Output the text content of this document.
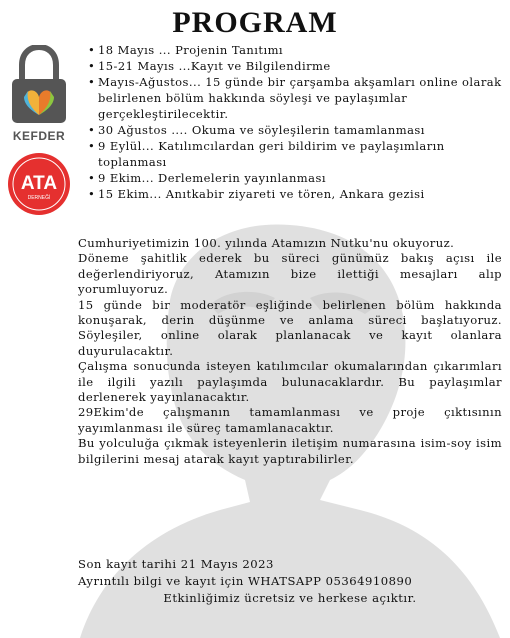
PROGRAM
KEFDER
ATA
DERNEĞİ
• 18 Mayıs ... Projenin Tanıtımı
• 15-21 Mayıs ...Kayıt ve Bilgilendirme
• Mayıs-Ağustos... 15 günde bir çarşamba akşamları online olarak belirlenen bölüm hakkında söyleşi ve paylaşımlar gerçekleştirilecektir.
• 30 Ağustos .... Okuma ve söyleşilerin tamamlanması
• 9 Eylül... Katılımcılardan geri bildirim ve paylaşımların toplanması
• 9 Ekim... Derlemelerin yayınlanması
• 15 Ekim... Anıtkabir ziyareti ve tören, Ankara gezisi

Cumhuriyetimizin 100. yılında Atamızın Nutku'nu okuyoruz.

Döneme şahitlik ederek bu süreci günümüz bakış açısı ile değerlendiriyoruz, Atamızın bize ilettiği mesajları alıp yorumluyoruz.

15 günde bir moderatör eşliğinde belirlenen bölüm hakkında konuşarak, derin düşünme ve anlama süreci başlatıyoruz. Söyleşiler, online olarak planlanacak ve kayıt olanlara duyurulacaktır.

Çalışma sonucunda isteyen katılımcılar okumalarından çıkarımları ile ilgili yazılı paylaşımda bulunacaklardır. Bu paylaşımlar derlenerek yayınlanacaktır.

29Ekim'de çalışmanın tamamlanması ve proje çıktısının yayımlanması ile süreç tamamlanacaktır.

Bu yolculuğa çıkmak isteyenlerin iletişim numarasına isim-soy isim bilgilerini mesaj atarak kayıt yaptırabilirler.

Son kayıt tarihi 21 Mayıs 2023
Ayrıntılı bilgi ve kayıt için WHATSAPP 05364910890
Etkinliğimiz ücretsiz ve herkese açıktır.
